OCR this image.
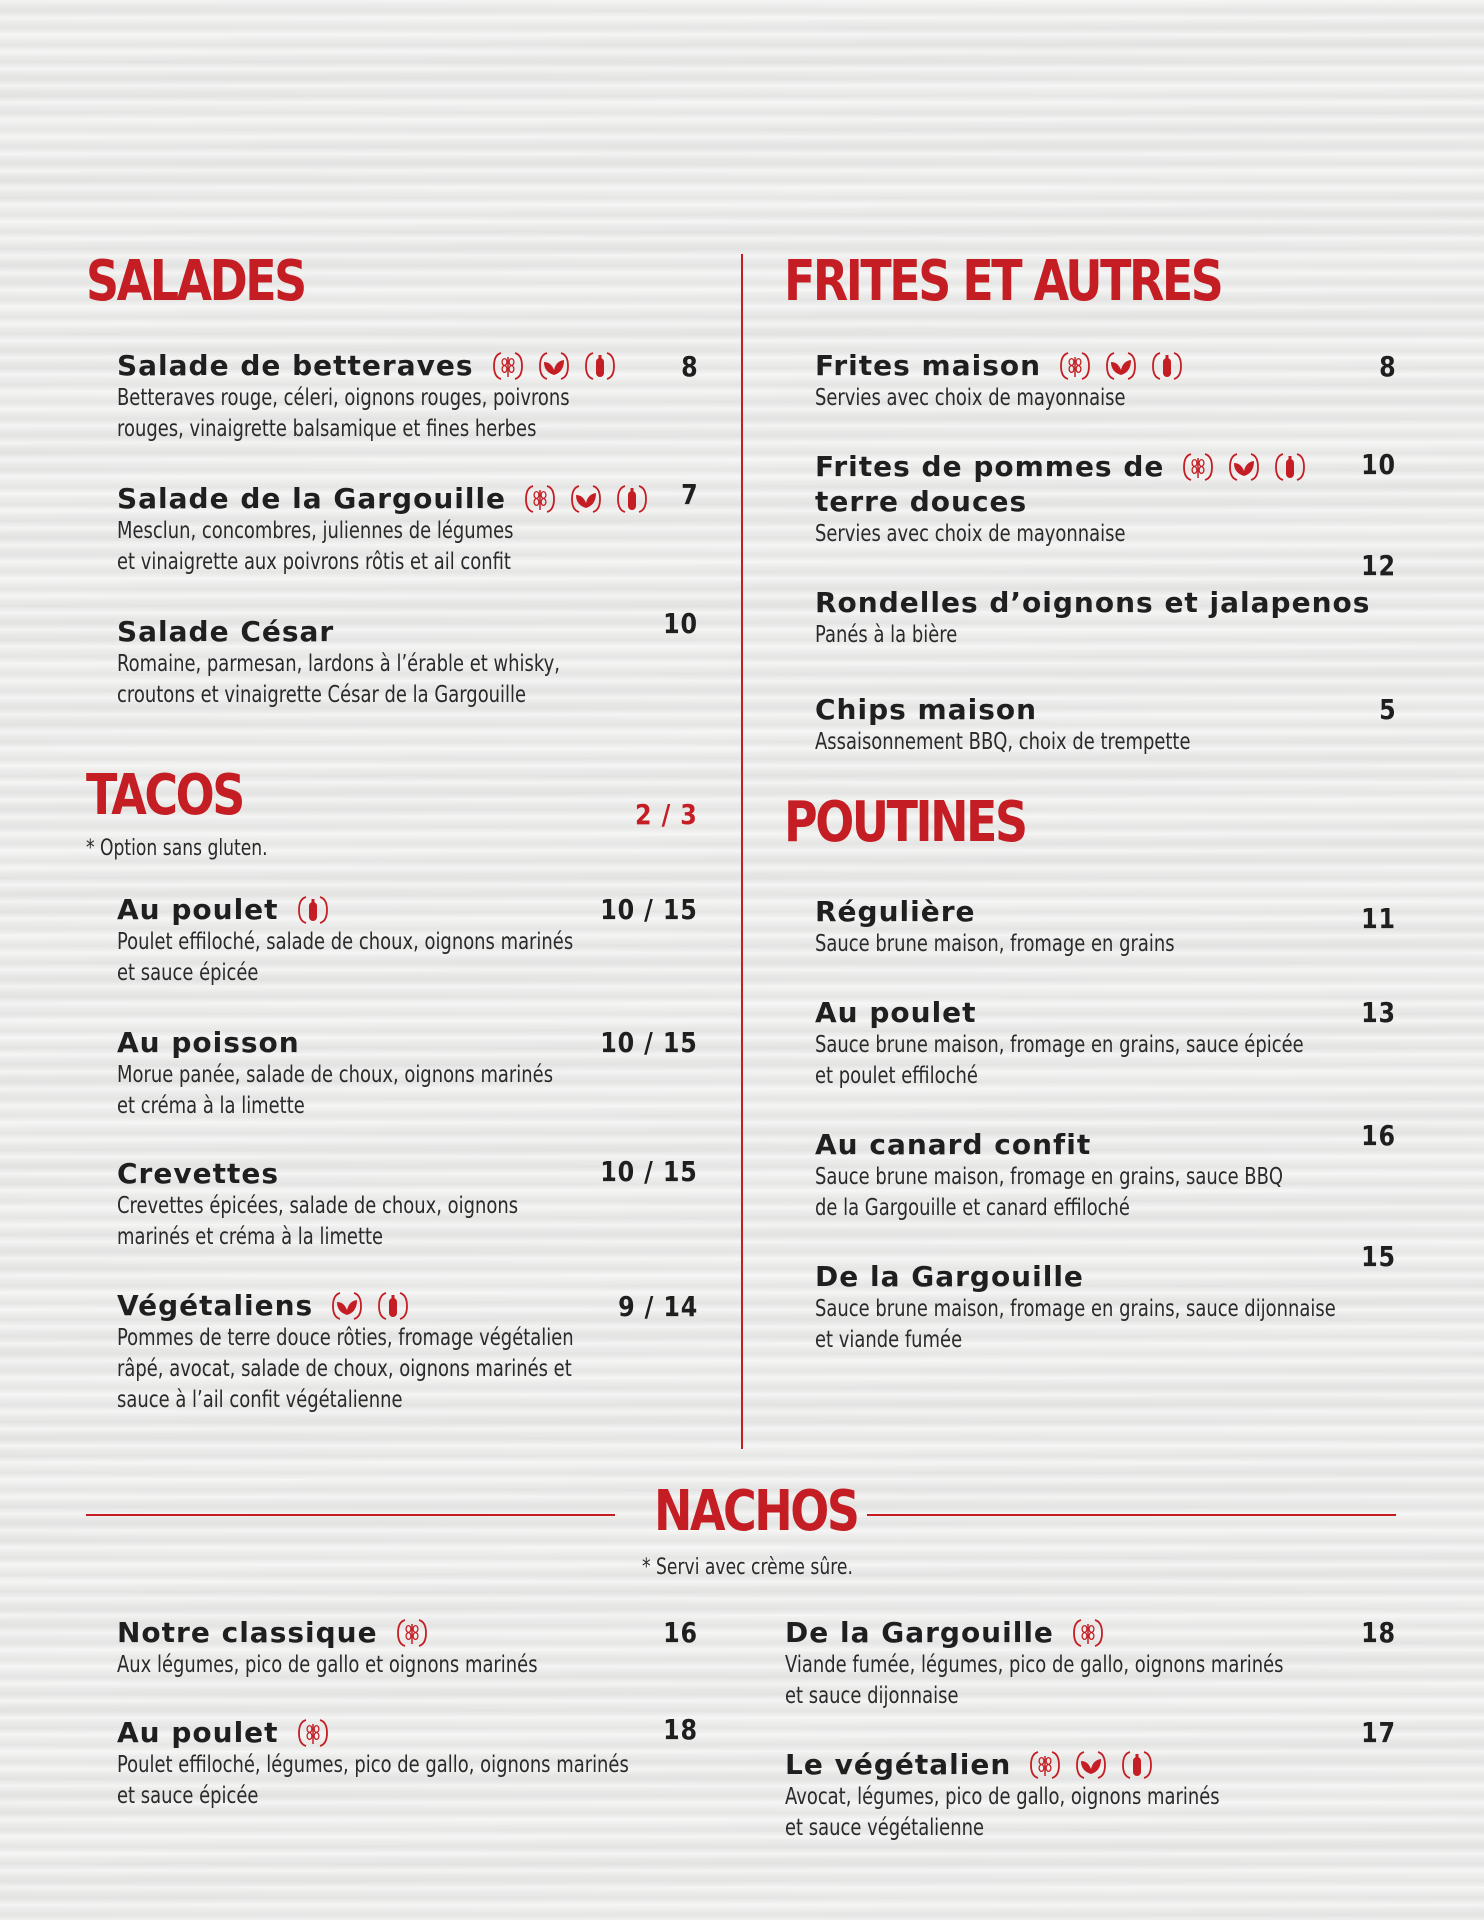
SALADES
Salade de betteraves
Betteraves rouge, céleri, oignons rouges, poivrons
rouges, vinaigrette balsamique et fines herbes
8
Salade de la Gargouille
Mesclun, concombres, juliennes de légumes
et vinaigrette aux poivrons rôtis et ail confit
7
Salade César
Romaine, parmesan, lardons à l’érable et whisky,
croutons et vinaigrette César de la Gargouille
10
TACOS	2 / 3
* Option sans gluten.
Au poulet
Poulet effiloché, salade de choux, oignons marinés
et sauce épicée
10 / 15
Au poisson
Morue panée, salade de choux, oignons marinés
et créma à la limette
10 / 15
Crevettes
Crevettes épicées, salade de choux, oignons
marinés et créma à la limette
10 / 15
Végétaliens
Pommes de terre douce rôties, fromage végétalien
râpé, avocat, salade de choux, oignons marinés et
sauce à l’ail confit végétalienne
9 / 14
FRITES ET AUTRES
Frites maison
Servies avec choix de mayonnaise
8
Frites de pommes de
terre douces
Servies avec choix de mayonnaise
10
12
Rondelles d’oignons et jalapenos
Panés à la bière
Chips maison
Assaisonnement BBQ, choix de trempette
5
POUTINES
Régulière
Sauce brune maison, fromage en grains
11
Au poulet
Sauce brune maison, fromage en grains, sauce épicée
et poulet effiloché
13
16
Au canard confit
Sauce brune maison, fromage en grains, sauce BBQ
de la Gargouille et canard effiloché
15
De la Gargouille
Sauce brune maison, fromage en grains, sauce dijonnaise
et viande fumée
NACHOS
* Servi avec crème sûre.
Notre classique
Aux légumes, pico de gallo et oignons marinés
16
Au poulet
Poulet effiloché, légumes, pico de gallo, oignons marinés
et sauce épicée
18
De la Gargouille
Viande fumée, légumes, pico de gallo, oignons marinés
et sauce dijonnaise
18
17
Le végétalien
Avocat, légumes, pico de gallo, oignons marinés
et sauce végétalienne
